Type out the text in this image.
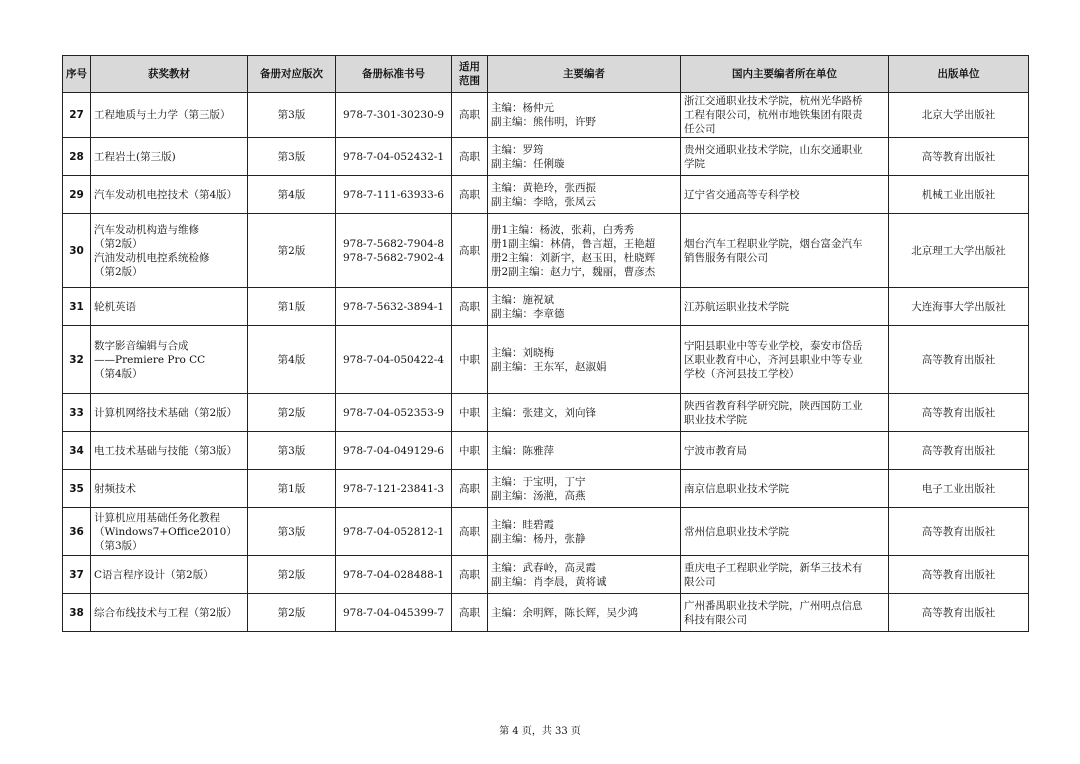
序号	获奖教材	备册对应版次	备册标准书号	适用范围	主要编者	国内主要编者所在单位	出版单位
27	工程地质与土力学（第三版）	第3版	978-7-301-30230-9	高职	主编：杨仲元
副主编：熊伟明，许野	浙江交通职业技术学院，杭州光华路桥
工程有限公司，杭州市地铁集团有限责
任公司	北京大学出版社
28	工程岩土(第三版)	第3版	978-7-04-052432-1	高职	主编：罗筠
副主编：任俐璇	贵州交通职业技术学院，山东交通职业
学院	高等教育出版社
29	汽车发动机电控技术（第4版）	第4版	978-7-111-63933-6	高职	主编：黄艳玲，张西振
副主编：李晗，张凤云	辽宁省交通高等专科学校	机械工业出版社
30	汽车发动机构造与维修
（第2版）
汽油发动机电控系统检修
（第2版）	第2版	978-7-5682-7904-8
978-7-5682-7902-4	高职	册1主编：杨波，张莉，白秀秀
册1副主编：林倩，鲁言超，王艳超
册2主编：刘新宇，赵玉田，杜晓辉
册2副主编：赵力宁，魏丽，曹彦杰	烟台汽车工程职业学院，烟台富金汽车
销售服务有限公司	北京理工大学出版社
31	轮机英语	第1版	978-7-5632-3894-1	高职	主编：施祝斌
副主编：李章德	江苏航运职业技术学院	大连海事大学出版社
32	数字影音编辑与合成
——Premiere Pro CC
（第4版）	第4版	978-7-04-050422-4	中职	主编：刘晓梅
副主编：王东军，赵淑娟	宁阳县职业中等专业学校，泰安市岱岳
区职业教育中心，齐河县职业中等专业
学校（齐河县技工学校）	高等教育出版社
33	计算机网络技术基础（第2版）	第2版	978-7-04-052353-9	中职	主编：张建文，刘向锋	陕西省教育科学研究院，陕西国防工业
职业技术学院	高等教育出版社
34	电工技术基础与技能（第3版）	第3版	978-7-04-049129-6	中职	主编：陈雅萍	宁波市教育局	高等教育出版社
35	射频技术	第1版	978-7-121-23841-3	高职	主编：于宝明，丁宁
副主编：汤滟，高燕	南京信息职业技术学院	电子工业出版社
36	计算机应用基础任务化教程
（Windows7+Office2010）
（第3版）	第3版	978-7-04-052812-1	高职	主编：眭碧霞
副主编：杨丹，张静	常州信息职业技术学院	高等教育出版社
37	C语言程序设计（第2版）	第2版	978-7-04-028488-1	高职	主编：武春岭，高灵霞
副主编：肖李晨，黄将诚	重庆电子工程职业学院，新华三技术有
限公司	高等教育出版社
38	综合布线技术与工程（第2版）	第2版	978-7-04-045399-7	高职	主编：余明辉，陈长辉，吴少鸿	广州番禺职业技术学院，广州明点信息
科技有限公司	高等教育出版社
第 4 页，共 33 页
